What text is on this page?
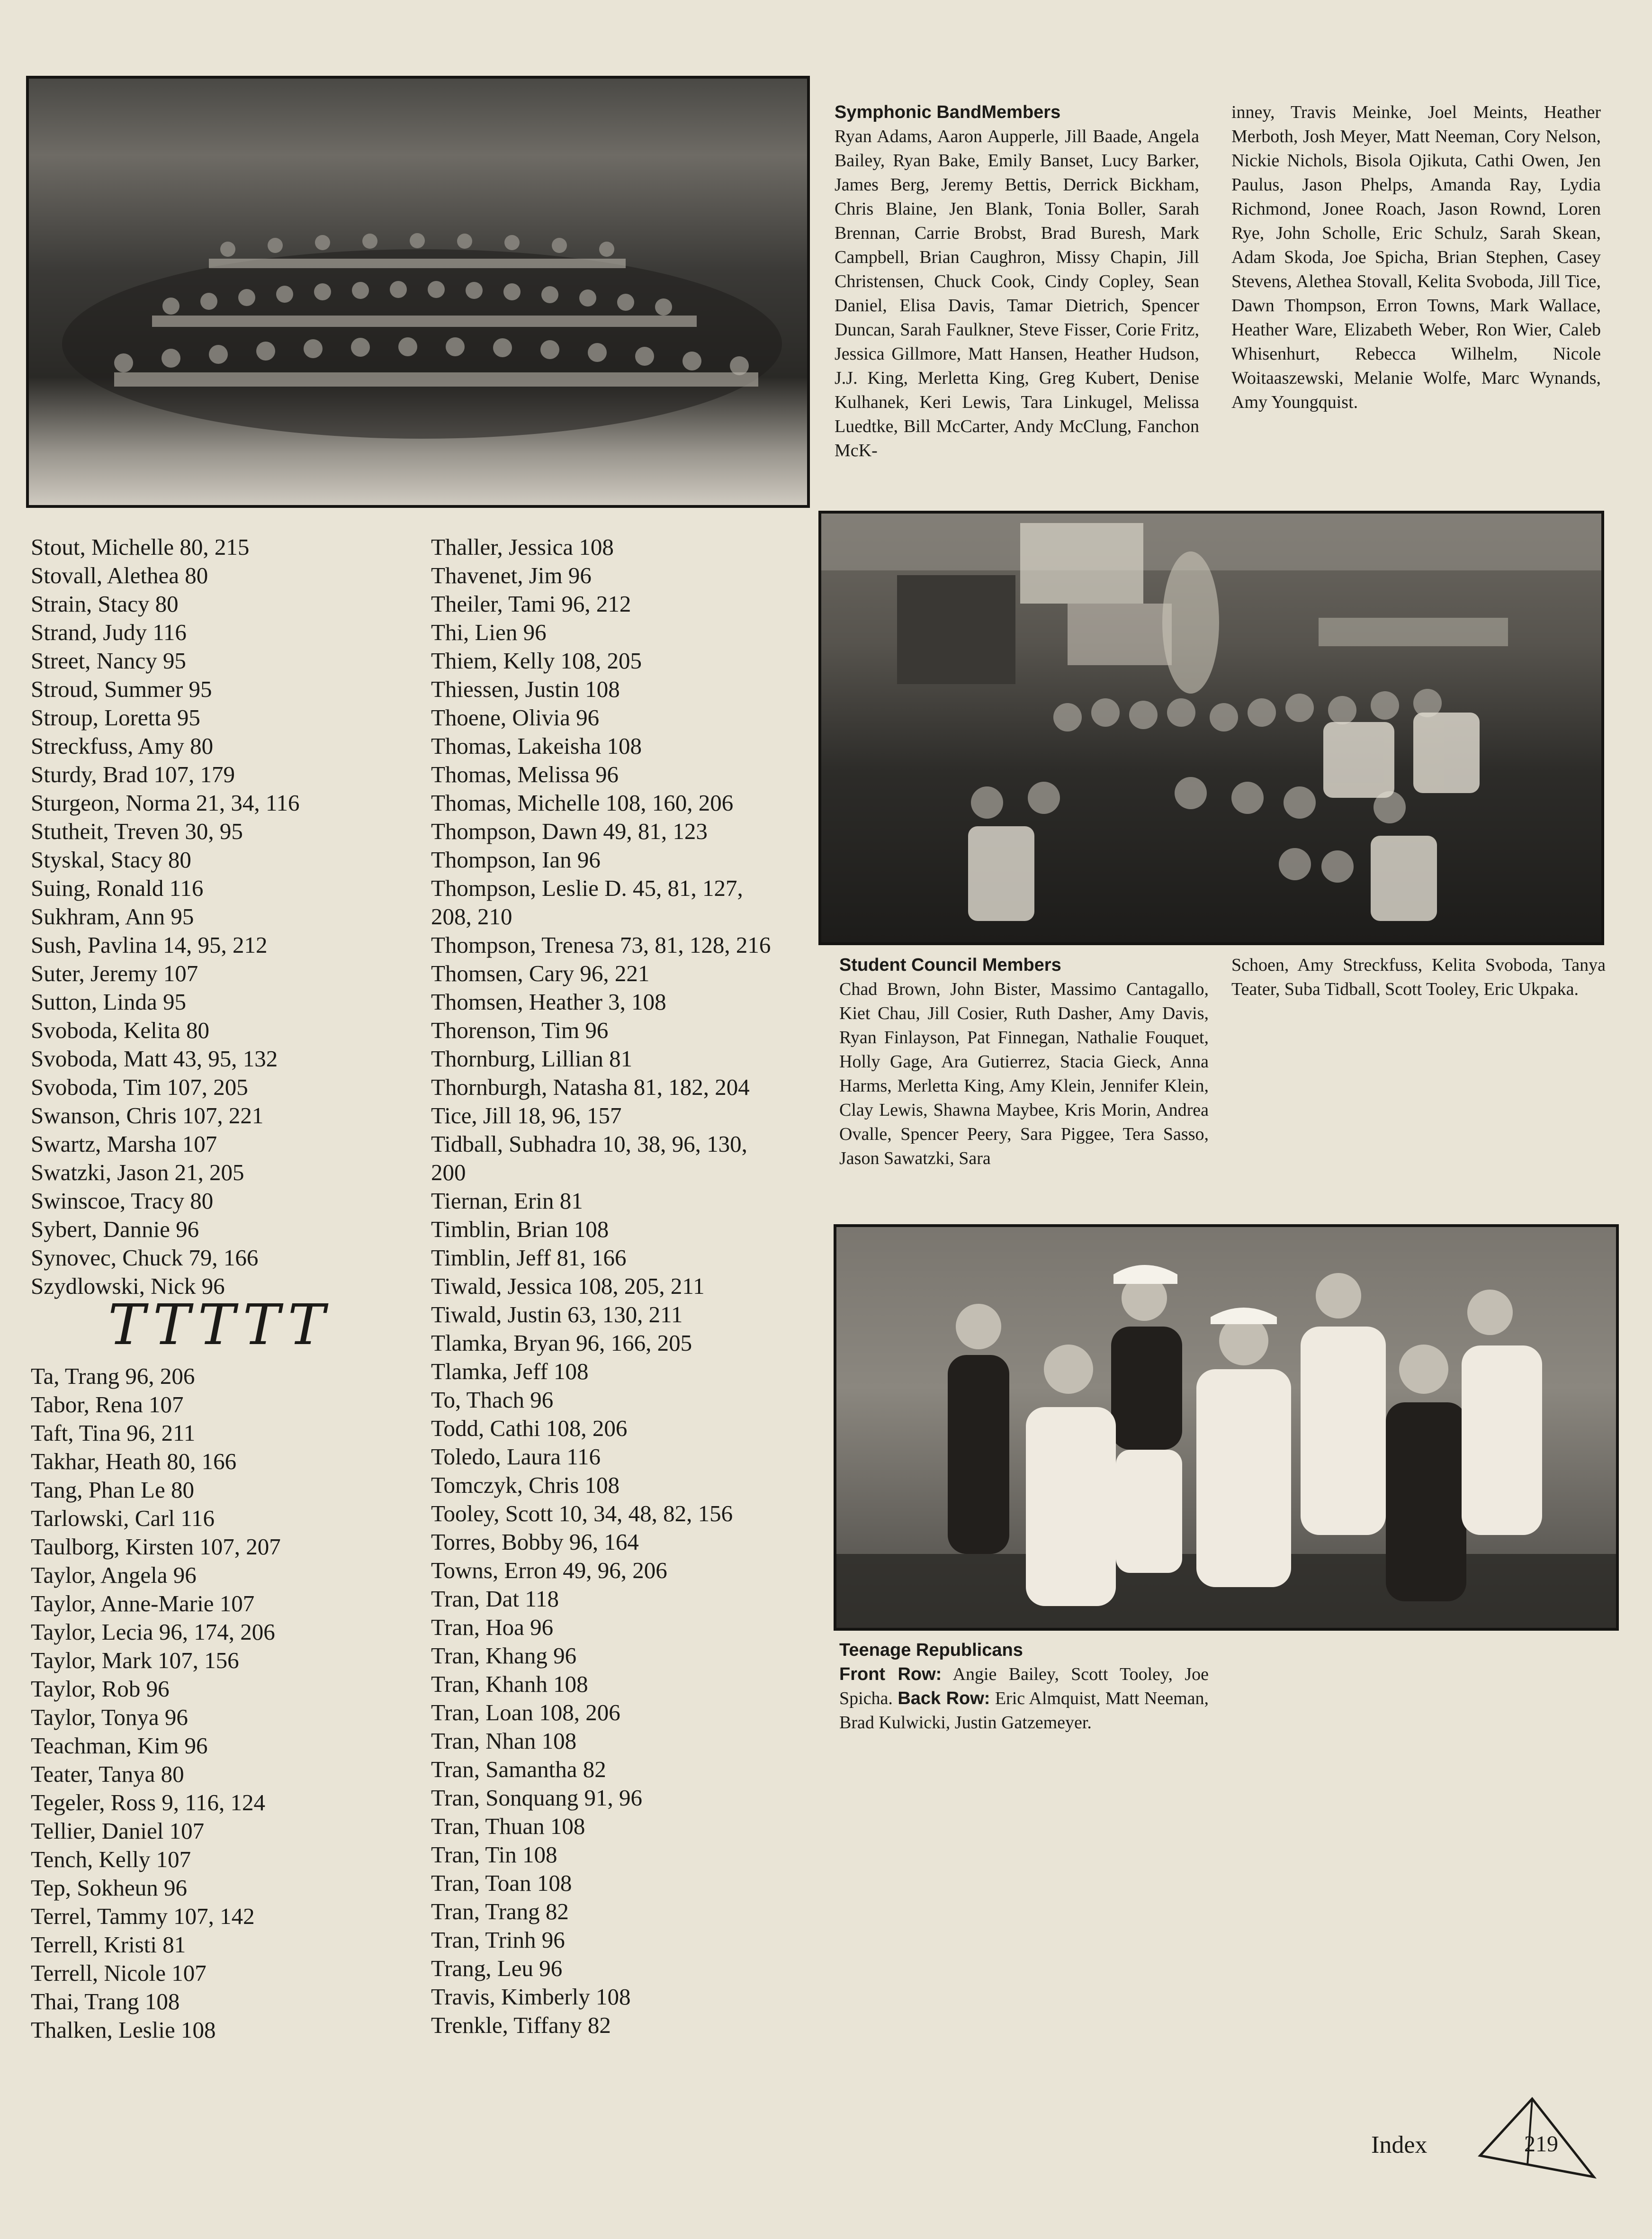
Symphonic BandMembers
Ryan Adams, Aaron Aupperle, Jill Baade, Angela Bailey, Ryan Bake, Emily Banset, Lucy Barker, James Berg, Jeremy Bettis, Derrick Bickham, Chris Blaine, Jen Blank, Tonia Boller, Sarah Brennan, Carrie Brobst, Brad Buresh, Mark Campbell, Brian Caughron, Missy Chapin, Jill Christensen, Chuck Cook, Cindy Copley, Sean Daniel, Elisa Davis, Tamar Dietrich, Spencer Duncan, Sarah Faulkner, Steve Fisser, Corie Fritz, Jessica Gillmore, Matt Hansen, Heather Hudson, J.J. King, Merletta King, Greg Kubert, Denise Kulhanek, Keri Lewis, Tara Linkugel, Melissa Luedtke, Bill McCarter, Andy McClung, Fanchon McK-
inney, Travis Meinke, Joel Meints, Heather Merboth, Josh Meyer, Matt Neeman, Cory Nelson, Nickie Nichols, Bisola Ojikuta, Cathi Owen, Jen Paulus, Jason Phelps, Amanda Ray, Lydia Richmond, Jonee Roach, Jason Rownd, Loren Rye, John Scholle, Eric Schulz, Sarah Skean, Adam Skoda, Joe Spicha, Brian Stephen, Casey Stevens, Alethea Stovall, Kelita Svoboda, Jill Tice, Dawn Thompson, Erron Towns, Mark Wallace, Heather Ware, Elizabeth Weber, Ron Wier, Caleb Whisenhurt, Rebecca Wilhelm, Nicole Woitaaszewski, Melanie Wolfe, Marc Wynands, Amy Youngquist.
Student Council Members
Chad Brown, John Bister, Massimo Cantagallo, Kiet Chau, Jill Cosier, Ruth Dasher, Amy Davis, Ryan Finlayson, Pat Finnegan, Nathalie Fouquet, Holly Gage, Ara Gutierrez, Stacia Gieck, Anna Harms, Merletta King, Amy Klein, Jennifer Klein, Clay Lewis, Shawna Maybee, Kris Morin, Andrea Ovalle, Spencer Peery, Sara Piggee, Tera Sasso, Jason Sawatzki, Sara
Schoen, Amy Streckfuss, Kelita Svoboda, Tanya Teater, Suba Tidball, Scott Tooley, Eric Ukpaka.
Teenage Republicans
Front Row: Angie Bailey, Scott Tooley, Joe Spicha. Back Row: Eric Almquist, Matt Neeman, Brad Kulwicki, Justin Gatzemeyer.
Stout, Michelle 80, 215
Stovall, Alethea 80
Strain, Stacy 80
Strand, Judy 116
Street, Nancy 95
Stroud, Summer 95
Stroup, Loretta 95
Streckfuss, Amy 80
Sturdy, Brad 107, 179
Sturgeon, Norma 21, 34, 116
Stutheit, Treven 30, 95
Styskal, Stacy 80
Suing, Ronald 116
Sukhram, Ann 95
Sush, Pavlina 14, 95, 212
Suter, Jeremy 107
Sutton, Linda 95
Svoboda, Kelita 80
Svoboda, Matt 43, 95, 132
Svoboda, Tim 107, 205
Swanson, Chris 107, 221
Swartz, Marsha 107
Swatzki, Jason 21, 205
Swinscoe, Tracy 80
Sybert, Dannie 96
Synovec, Chuck 79, 166
Szydlowski, Nick 96
TTTTT
Ta, Trang 96, 206
Tabor, Rena 107
Taft, Tina 96, 211
Takhar, Heath 80, 166
Tang, Phan Le 80
Tarlowski, Carl 116
Taulborg, Kirsten 107, 207
Taylor, Angela 96
Taylor, Anne-Marie 107
Taylor, Lecia 96, 174, 206
Taylor, Mark 107, 156
Taylor, Rob 96
Taylor, Tonya 96
Teachman, Kim 96
Teater, Tanya 80
Tegeler, Ross 9, 116, 124
Tellier, Daniel 107
Tench, Kelly 107
Tep, Sokheun 96
Terrel, Tammy 107, 142
Terrell, Kristi 81
Terrell, Nicole 107
Thai, Trang 108
Thalken, Leslie 108
Thaller, Jessica 108
Thavenet, Jim 96
Theiler, Tami 96, 212
Thi, Lien 96
Thiem, Kelly 108, 205
Thiessen, Justin 108
Thoene, Olivia 96
Thomas, Lakeisha 108
Thomas, Melissa 96
Thomas, Michelle 108, 160, 206
Thompson, Dawn 49, 81, 123
Thompson, Ian 96
Thompson, Leslie D. 45, 81, 127,
208, 210
Thompson, Trenesa 73, 81, 128, 216
Thomsen, Cary 96, 221
Thomsen, Heather 3, 108
Thorenson, Tim 96
Thornburg, Lillian 81
Thornburgh, Natasha 81, 182, 204
Tice, Jill 18, 96, 157
Tidball, Subhadra 10, 38, 96, 130,
200
Tiernan, Erin 81
Timblin, Brian 108
Timblin, Jeff 81, 166
Tiwald, Jessica 108, 205, 211
Tiwald, Justin 63, 130, 211
Tlamka, Bryan 96, 166, 205
Tlamka, Jeff 108
To, Thach 96
Todd, Cathi 108, 206
Toledo, Laura 116
Tomczyk, Chris 108
Tooley, Scott 10, 34, 48, 82, 156
Torres, Bobby 96, 164
Towns, Erron 49, 96, 206
Tran, Dat 118
Tran, Hoa 96
Tran, Khang 96
Tran, Khanh 108
Tran, Loan 108, 206
Tran, Nhan 108
Tran, Samantha 82
Tran, Sonquang 91, 96
Tran, Thuan 108
Tran, Tin 108
Tran, Toan 108
Tran, Trang 82
Tran, Trinh 96
Trang, Leu 96
Travis, Kimberly 108
Trenkle, Tiffany 82
Index	219
